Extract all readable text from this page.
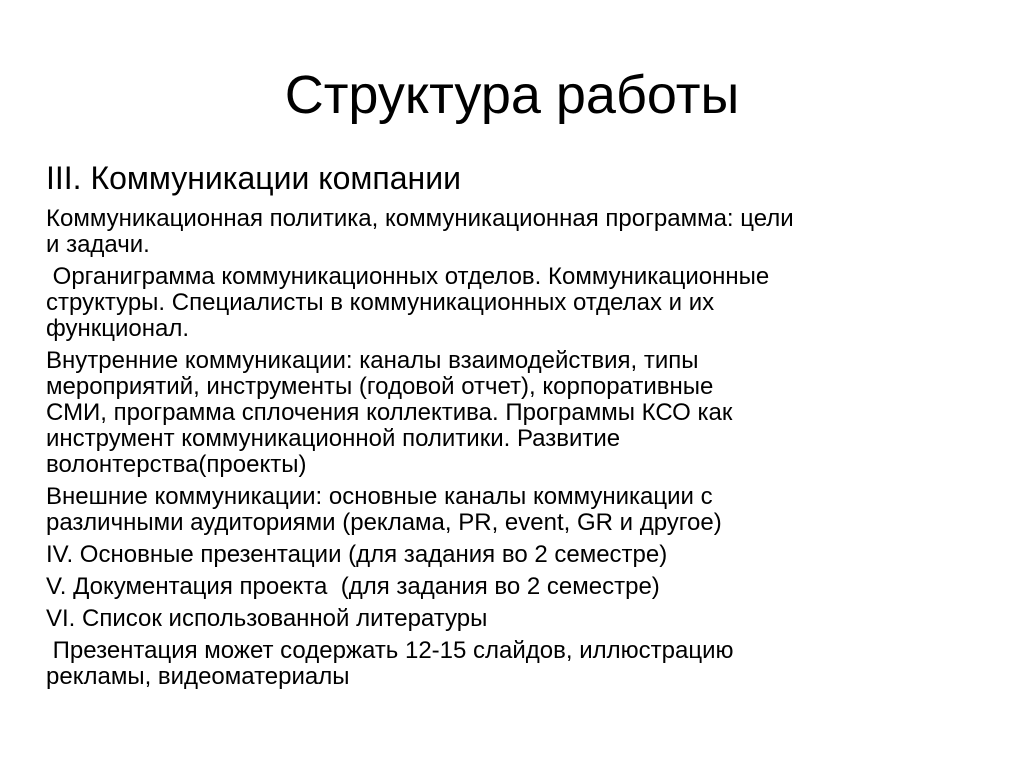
Структура работы
III. Коммуникации компании

Коммуникационная политика, коммуникационная программа: цели
и задачи.

Органиграмма коммуникационных отделов. Коммуникационные
структуры. Специалисты в коммуникационных отделах и их
функционал.

Внутренние коммуникации: каналы взаимодействия, типы
мероприятий, инструменты (годовой отчет), корпоративные
СМИ, программа сплочения коллектива. Программы КСО как
инструмент коммуникационной политики. Развитие
волонтерства(проекты)

Внешние коммуникации: основные каналы коммуникации с
различными аудиториями (реклама, PR, event, GR и другое)

IV. Основные презентации (для задания во 2 семестре)

V. Документация проекта  (для задания во 2 семестре)

VI. Список использованной литературы

Презентация может содержать 12-15 слайдов, иллюстрацию
рекламы, видеоматериалы
